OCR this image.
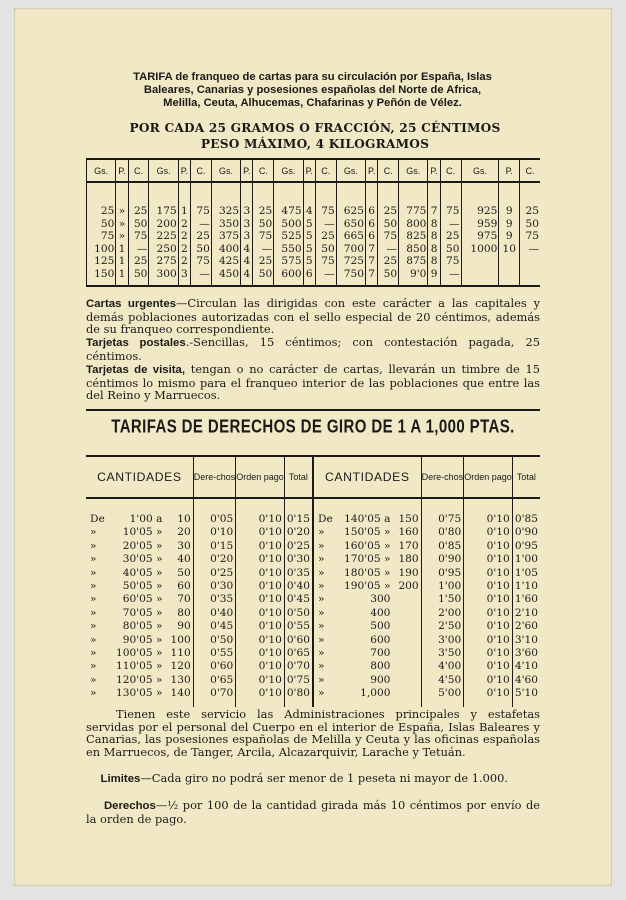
TARIFA de franqueo de cartas para su circulación por España, Islas
Baleares, Canarias y posesiones españolas del Norte de Africa,
Melilla, Ceuta, Alhucemas, Chafarinas y Peñón de Vélez.
POR CADA 25 GRAMOS O FRACCIÓN, 25 CÉNTIMOS
PESO MÁXIMO, 4 KILOGRAMOS
Gs.	P.	C.	Gs.	P.	C.	Gs.	P.	C.	Gs.	P.	C.	Gs.	P.	C.	Gs.	P.	C.	Gs.	P.	C.
25	»	25	175	1	75	325	3	25	475	4	75	625	6	25	775	7	75	925	9	25
50	»	50	200	2	—	350	3	50	500	5	—	650	6	50	800	8	—	959	9	50
75	»	75	225	2	25	375	3	75	525	5	25	665	6	75	825	8	25	975	9	75
100	1	—	250	2	50	400	4	—	550	5	50	700	7	—	850	8	50	1000	10	—
125	1	25	275	2	75	425	4	25	575	5	75	725	7	25	875	8	75			
150	1	50	300	3	—	450	4	50	600	6	—	750	7	50	9'0	9	—			
Cartas urgentes—Circulan las dirigidas con este carácter a las capitales y demás poblaciones autorizadas con el sello especial de 20 céntimos, además de su franqueo correspondiente.
Tarjetas postales.-Sencillas, 15 céntimos; con contestación pagada, 25 céntimos.
Tarjetas de visita, tengan o no carácter de cartas, llevarán un timbre de 15 céntimos lo mismo para el franqueo interior de las poblaciones que entre las del Reino y Marruecos.
TARIFAS DE DERECHOS DE GIRO DE 1 A 1,000 PTAS.
CANTIDADES			Dere-chos	Orden pago	Total	CANTIDADES			Dere-chos	Orden pago	Total
De	1'00 a	10	0'05	0'10	0'15	De	140'05 a	150	0'75	0'10	0'85
»	10'05 »	20	0'10	0'10	0'20	»	150'05 »	160	0'80	0'10	0'90
»	20'05 »	30	0'15	0'10	0'25	»	160'05 »	170	0'85	0'10	0'95
»	30'05 »	40	0'20	0'10	0'30	»	170'05 »	180	0'90	0'10	1'00
»	40'05 »	50	0'25	0'10	0'35	»	180'05 »	190	0'95	0'10	1'05
»	50'05 »	60	0'30	0'10	0'40	»	190'05 »	200	1'00	0'10	1'10
»	60'05 »	70	0'35	0'10	0'45	»	300		1'50	0'10	1'60
»	70'05 »	80	0'40	0'10	0'50	»	400		2'00	0'10	2'10
»	80'05 »	90	0'45	0'10	0'55	»	500		2'50	0'10	2'60
»	90'05 »	100	0'50	0'10	0'60	»	600		3'00	0'10	3'10
»	100'05 »	110	0'55	0'10	0'65	»	700		3'50	0'10	3'60
»	110'05 »	120	0'60	0'10	0'70	»	800		4'00	0'10	4'10
»	120'05 »	130	0'65	0'10	0'75	»	900		4'50	0'10	4'60
»	130'05 »	140	0'70	0'10	0'80	»	1,000		5'00	0'10	5'10
Tienen este servicio las Administraciones principales y estafetas servidas por el personal del Cuerpo en el interior de España, Islas Baleares y Canarias, las posesiones españolas de Melilla y Ceuta y las oficinas españolas en Marruecos, de Tanger, Arcila, Alcazarquivir, Larache y Tetuán.
Limites—Cada giro no podrá ser menor de 1 peseta ni mayor de 1.000.
Derechos—½ por 100 de la cantidad girada más 10 céntimos por envío de la orden de pago.
